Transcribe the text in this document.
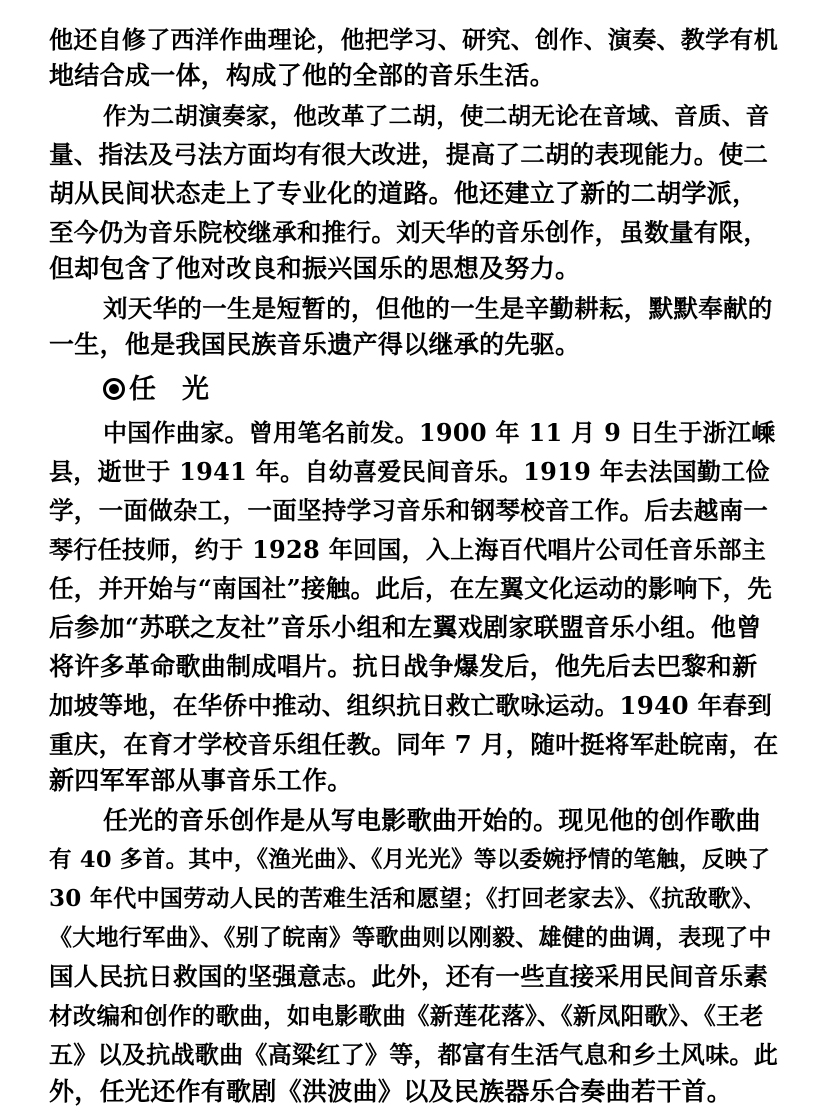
他还自修了西洋作曲理论，他把学习、研究、创作、演奏、教学有机
地结合成一体，构成了他的全部的音乐生活。
作为二胡演奏家，他改革了二胡，使二胡无论在音域、音质、音
量、指法及弓法方面均有很大改进，提高了二胡的表现能力。使二
胡从民间状态走上了专业化的道路。他还建立了新的二胡学派，
至今仍为音乐院校继承和推行。刘天华的音乐创作，虽数量有限，
但却包含了他对改良和振兴国乐的思想及努力。
刘天华的一生是短暂的，但他的一生是辛勤耕耘，默默奉献的
一生，他是我国民族音乐遗产得以继承的先驱。
中国作曲家。曾用笔名前发。1900 年 11 月 9 日生于浙江嵊
县，逝世于 1941 年。自幼喜爱民间音乐。1919 年去法国勤工俭
学，一面做杂工，一面坚持学习音乐和钢琴校音工作。后去越南一
琴行任技师，约于 1928 年回国，入上海百代唱片公司任音乐部主
任，并开始与“南国社”接触。此后，在左翼文化运动的影响下，先
后参加“苏联之友社”音乐小组和左翼戏剧家联盟音乐小组。他曾
将许多革命歌曲制成唱片。抗日战争爆发后，他先后去巴黎和新
加坡等地，在华侨中推动、组织抗日救亡歌咏运动。1940 年春到
重庆，在育才学校音乐组任教。同年 7 月，随叶挺将军赴皖南，在
新四军军部从事音乐工作。
任光的音乐创作是从写电影歌曲开始的。现见他的创作歌曲
有 40 多首。其中，《渔光曲》、《月光光》等以委婉抒情的笔触，反映了
30 年代中国劳动人民的苦难生活和愿望；《打回老家去》、《抗敌歌》、
《大地行军曲》、《别了皖南》等歌曲则以刚毅、雄健的曲调，表现了中
国人民抗日救国的坚强意志。此外，还有一些直接采用民间音乐素
材改编和创作的歌曲，如电影歌曲《新莲花落》、《新凤阳歌》、《王老
五》以及抗战歌曲《高粱红了》等，都富有生活气息和乡土风味。此
外，任光还作有歌剧《洪波曲》以及民族器乐合奏曲若干首。
任光
